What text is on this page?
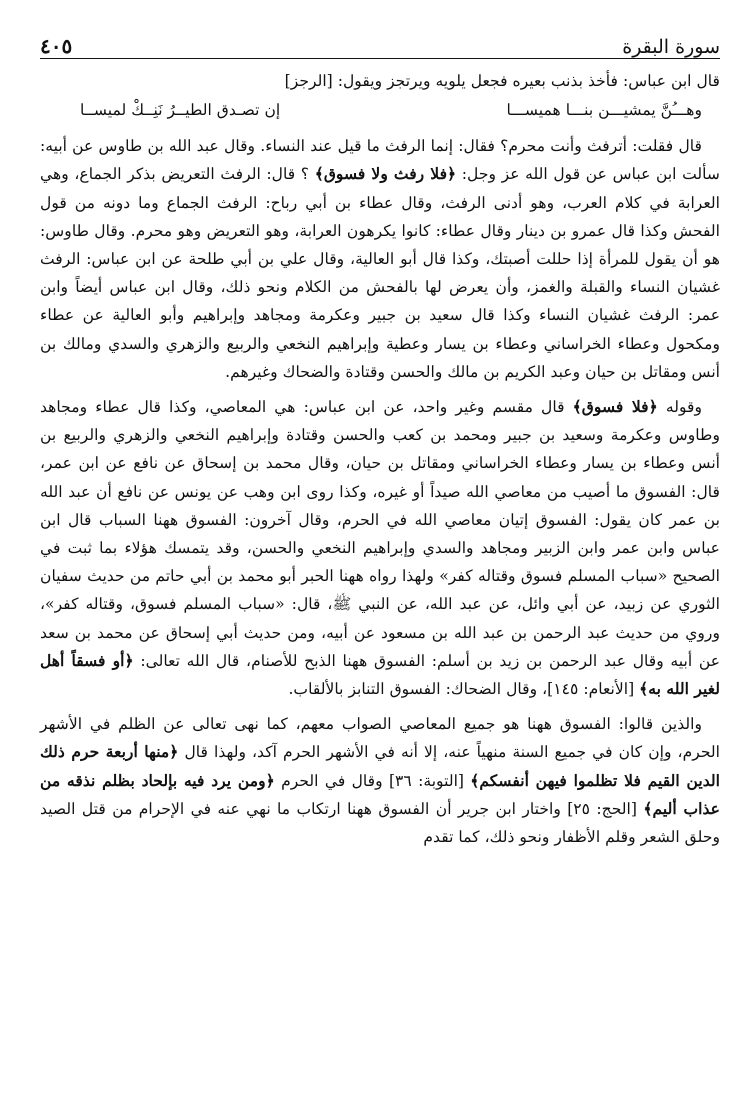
سورة البقرة
٤٠٥

قال ابن عباس: فأخذ بذنب بعيره فجعل يلويه ويرتجز ويقول: [الرجز]

وهـــُنَّ يمشيـــن بنـــا هميســـا
إن تصـدق الطيــرُ نَنِــكْ لميســا
قال فقلت: أترفث وأنت محرم؟ فقال: إنما الرفث ما قيل عند النساء. وقال عبد الله بن طاوس عن أبيه: سألت ابن عباس عن قول الله عز وجل: ﴿فلا رفث ولا فسوق﴾ ؟ قال: الرفث التعريض بذكر الجماع، وهي العرابة في كلام العرب، وهو أدنى الرفث، وقال عطاء بن أبي رباح: الرفث الجماع وما دونه من قول الفحش وكذا قال عمرو بن دينار وقال عطاء: كانوا يكرهون العرابة، وهو التعريض وهو محرم. وقال طاوس: هو أن يقول للمرأة إذا حللت أصبتك، وكذا قال أبو العالية، وقال علي بن أبي طلحة عن ابن عباس: الرفث غشيان النساء والقبلة والغمز، وأن يعرض لها بالفحش من الكلام ونحو ذلك، وقال ابن عباس أيضاً وابن عمر: الرفث غشيان النساء وكذا قال سعيد بن جبير وعكرمة ومجاهد وإبراهيم وأبو العالية عن عطاء ومكحول وعطاء الخراساني وعطاء بن يسار وعطية وإبراهيم النخعي والربيع والزهري والسدي ومالك بن أنس ومقاتل بن حيان وعبد الكريم بن مالك والحسن وقتادة والضحاك وغيرهم.
وقوله ﴿فلا فسوق﴾ قال مقسم وغير واحد، عن ابن عباس: هي المعاصي، وكذا قال عطاء ومجاهد وطاوس وعكرمة وسعيد بن جبير ومحمد بن كعب والحسن وقتادة وإبراهيم النخعي والزهري والربيع بن أنس وعطاء بن يسار وعطاء الخراساني ومقاتل بن حيان، وقال محمد بن إسحاق عن نافع عن ابن عمر، قال: الفسوق ما أصيب من معاصي الله صيداً أو غيره، وكذا روى ابن وهب عن يونس عن نافع أن عبد الله بن عمر كان يقول: الفسوق إتيان معاصي الله في الحرم، وقال آخرون: الفسوق ههنا السباب قال ابن عباس وابن عمر وابن الزبير ومجاهد والسدي وإبراهيم النخعي والحسن، وقد يتمسك هؤلاء بما ثبت في الصحيح «سباب المسلم فسوق وقتاله كفر» ولهذا رواه ههنا الحبر أبو محمد بن أبي حاتم من حديث سفيان الثوري عن زبيد، عن أبي وائل، عن عبد الله، عن النبي ﷺ، قال: «سباب المسلم فسوق، وقتاله كفر»، وروي من حديث عبد الرحمن بن عبد الله بن مسعود عن أبيه، ومن حديث أبي إسحاق عن محمد بن سعد عن أبيه وقال عبد الرحمن بن زيد بن أسلم: الفسوق ههنا الذبح للأصنام، قال الله تعالى: ﴿أو فسقاً أهل لغير الله به﴾ [الأنعام: ١٤٥]، وقال الضحاك: الفسوق التنابز بالألقاب.
والذين قالوا: الفسوق ههنا هو جميع المعاصي الصواب معهم، كما نهى تعالى عن الظلم في الأشهر الحرم، وإن كان في جميع السنة منهياً عنه، إلا أنه في الأشهر الحرم آكد، ولهذا قال ﴿منها أربعة حرم ذلك الدين القيم فلا تظلموا فيهن أنفسكم﴾ [التوبة: ٣٦] وقال في الحرم ﴿ومن يرد فيه بإلحاد بظلم نذقه من عذاب أليم﴾ [الحج: ٢٥] واختار ابن جرير أن الفسوق ههنا ارتكاب ما نهي عنه في الإحرام من قتل الصيد وحلق الشعر وقلم الأظفار ونحو ذلك، كما تقدم
